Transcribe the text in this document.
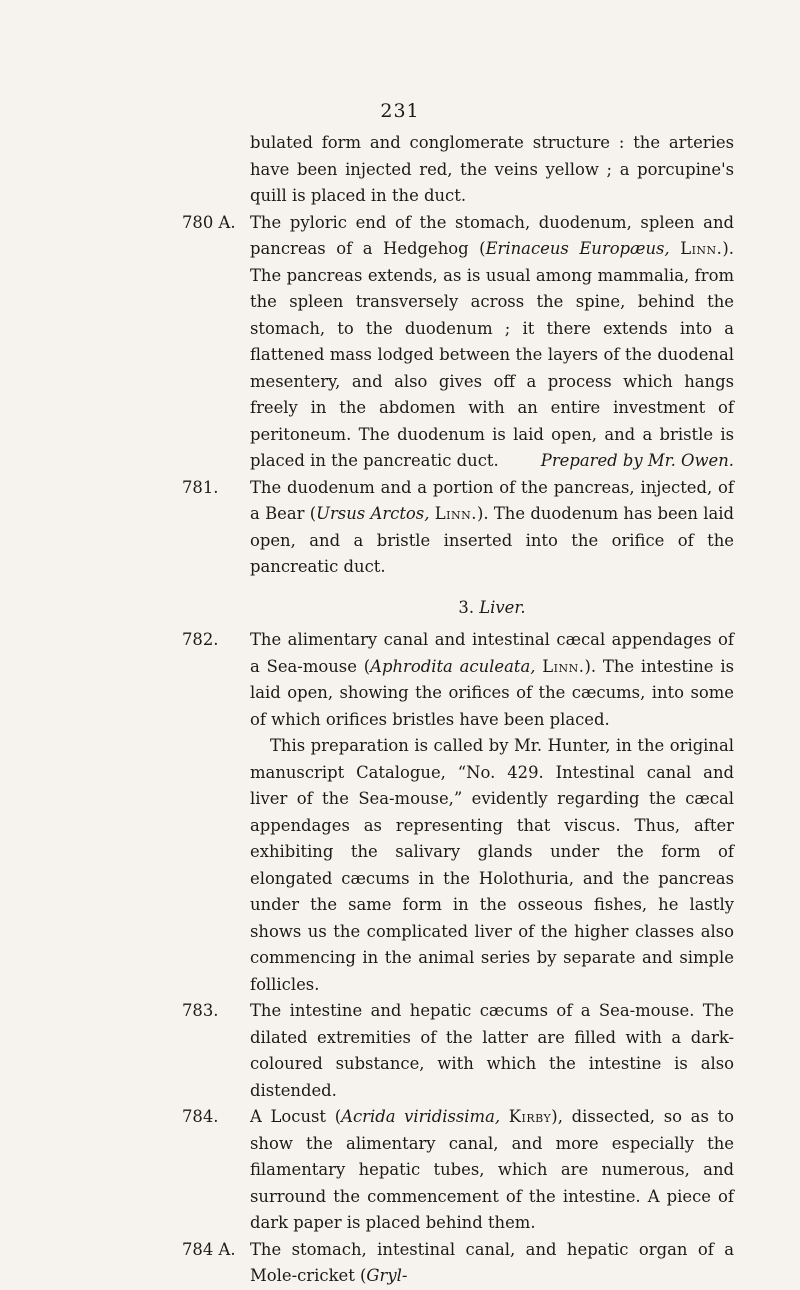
231

bulated form and conglomerate structure : the arteries have been injected red, the veins yellow ; a porcupine's quill is placed in the duct.

780 A. The pyloric end of the stomach, duodenum, spleen and pancreas of a Hedgehog (Erinaceus Europæus, Linn.). The pancreas extends, as is usual among mammalia, from the spleen transversely across the spine, behind the stomach, to the duodenum ; it there extends into a flattened mass lodged between the layers of the duodenal mesentery, and also gives off a process which hangs freely in the abdomen with an entire investment of peritoneum. The duodenum is laid open, and a bristle is placed in the pancreatic duct.	Prepared by Mr. Owen.

781. The duodenum and a portion of the pancreas, injected, of a Bear (Ursus Arctos, Linn.). The duodenum has been laid open, and a bristle inserted into the orifice of the pancreatic duct.

3. Liver.
782. The alimentary canal and intestinal cæcal appendages of a Sea-mouse (Aphrodita aculeata, Linn.). The intestine is laid open, showing the orifices of the cæcums, into some of which orifices bristles have been placed.

This preparation is called by Mr. Hunter, in the original manuscript Catalogue, “No. 429. Intestinal canal and liver of the Sea-mouse,” evidently regarding the cæcal appendages as representing that viscus. Thus, after exhibiting the salivary glands under the form of elongated cæcums in the Holothuria, and the pancreas under the same form in the osseous fishes, he lastly shows us the complicated liver of the higher classes also commencing in the animal series by separate and simple follicles.

783. The intestine and hepatic cæcums of a Sea-mouse. The dilated extremities of the latter are filled with a dark-coloured substance, with which the intestine is also distended.

784. A Locust (Acrida viridissima, Kirby), dissected, so as to show the alimentary canal, and more especially the filamentary hepatic tubes, which are numerous, and surround the commencement of the intestine. A piece of dark paper is placed behind them.

784 A. The stomach, intestinal canal, and hepatic organ of a Mole-cricket (Gryl-
